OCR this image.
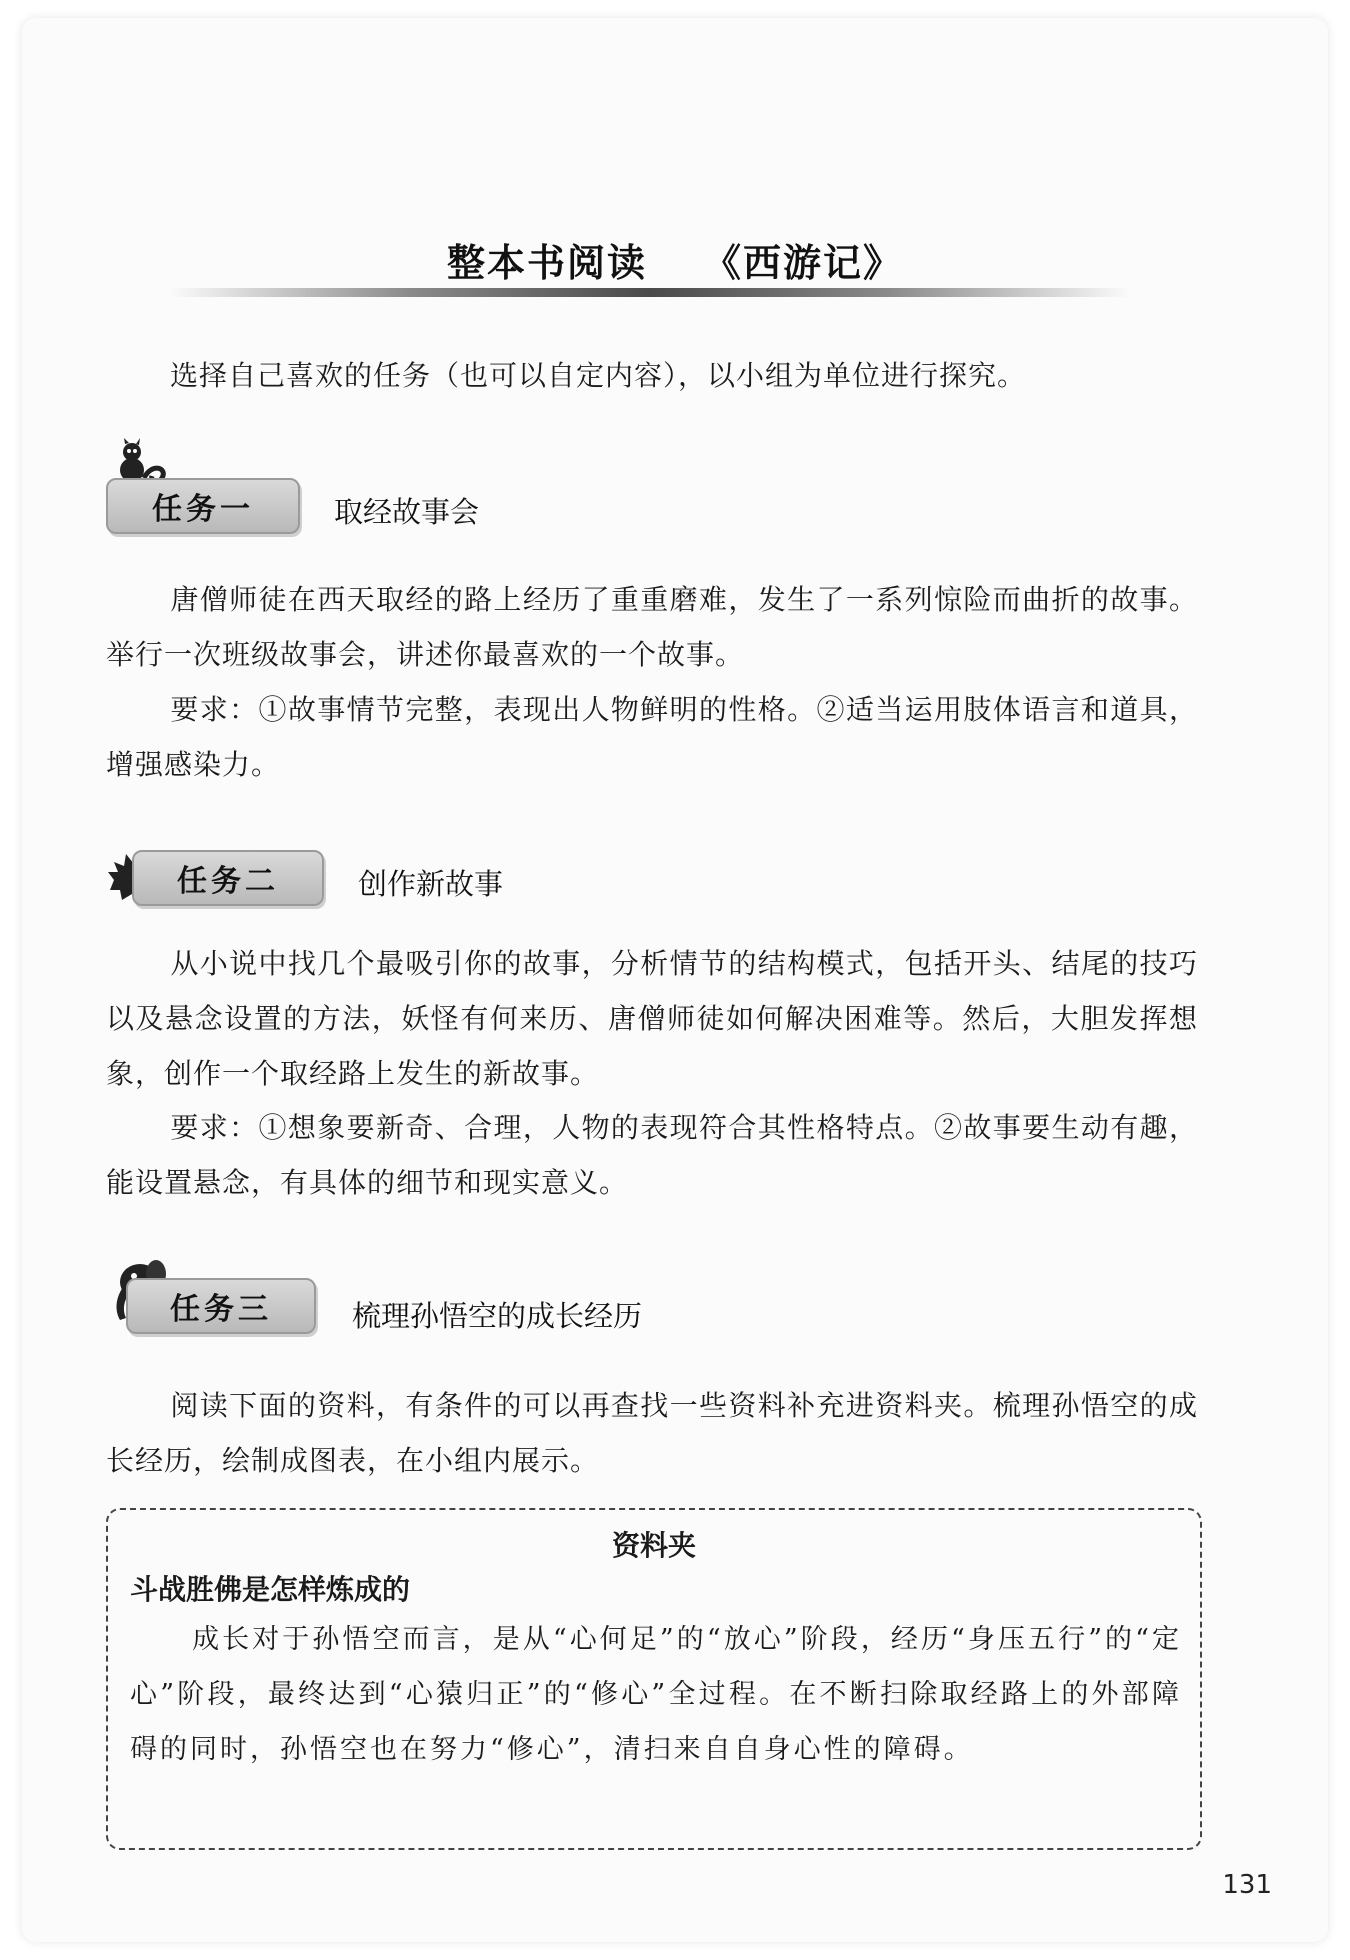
整本书阅读 《西游记》

选择自己喜欢的任务（也可以自定内容），以小组为单位进行探究。

任务一	取经故事会

唐僧师徒在西天取经的路上经历了重重磨难，发生了一系列惊险而曲折的故事。举行一次班级故事会，讲述你最喜欢的一个故事。

要求：①故事情节完整，表现出人物鲜明的性格。②适当运用肢体语言和道具，增强感染力。

任务二	创作新故事

从小说中找几个最吸引你的故事，分析情节的结构模式，包括开头、结尾的技巧以及悬念设置的方法，妖怪有何来历、唐僧师徒如何解决困难等。然后，大胆发挥想象，创作一个取经路上发生的新故事。

要求：①想象要新奇、合理，人物的表现符合其性格特点。②故事要生动有趣，能设置悬念，有具体的细节和现实意义。

任务三	梳理孙悟空的成长经历

阅读下面的资料，有条件的可以再查找一些资料补充进资料夹。梳理孙悟空的成长经历，绘制成图表，在小组内展示。

资料夹
斗战胜佛是怎样炼成的

成长对于孙悟空而言，是从“心何足”的“放心”阶段，经历“身压五行”的“定心”阶段，最终达到“心猿归正”的“修心”全过程。在不断扫除取经路上的外部障碍的同时，孙悟空也在努力“修心”，清扫来自自身心性的障碍。

131
